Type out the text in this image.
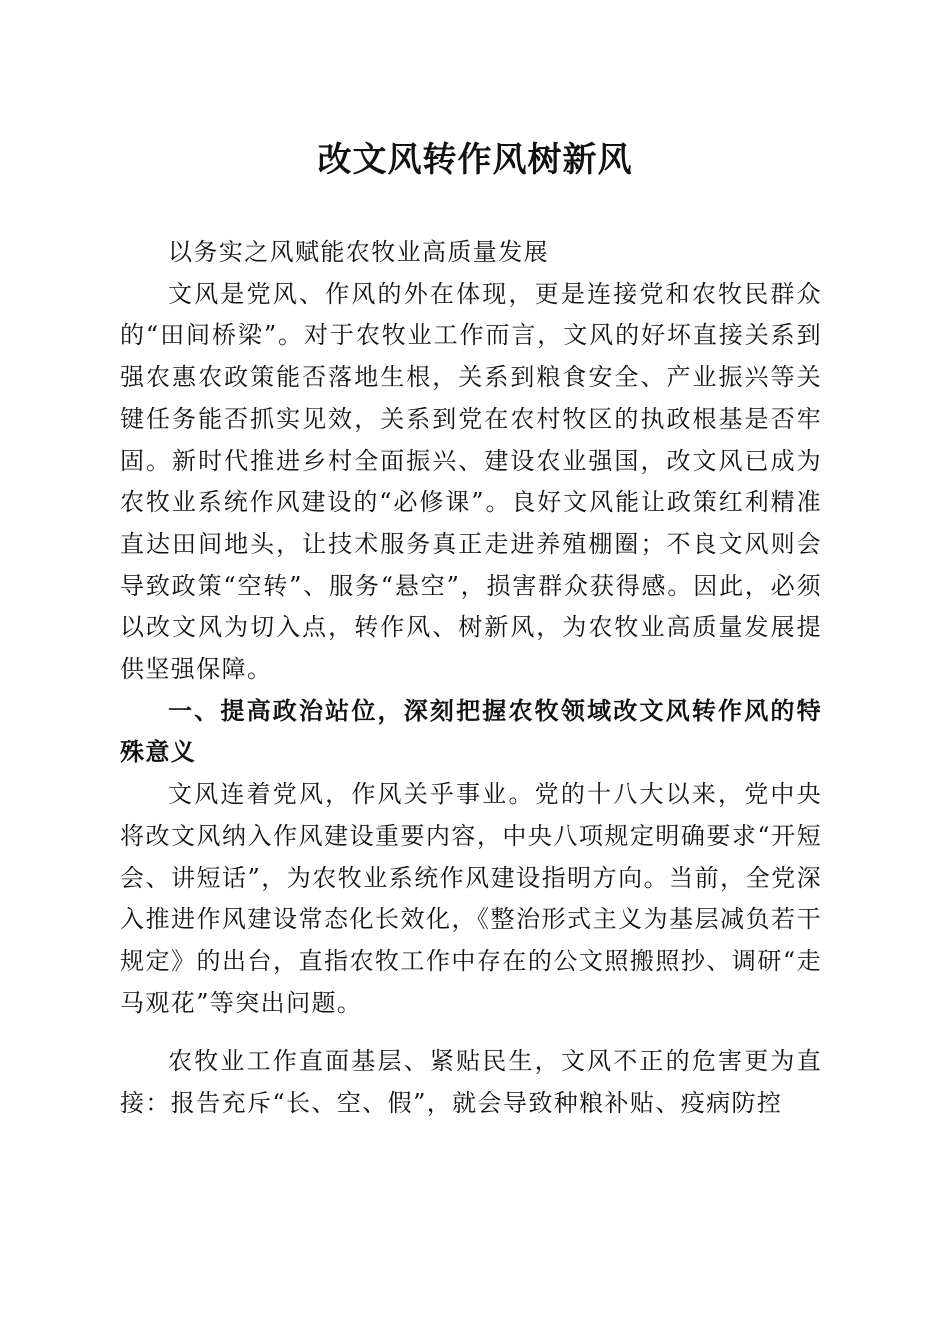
改文风转作风树新风

以务实之风赋能农牧业高质量发展

文风是党风、作风的外在体现，更是连接党和农牧民群众的“田间桥梁”。对于农牧业工作而言，文风的好坏直接关系到强农惠农政策能否落地生根，关系到粮食安全、产业振兴等关键任务能否抓实见效，关系到党在农村牧区的执政根基是否牢固。新时代推进乡村全面振兴、建设农业强国，改文风已成为农牧业系统作风建设的“必修课”。良好文风能让政策红利精准直达田间地头，让技术服务真正走进养殖棚圈；不良文风则会导致政策“空转”、服务“悬空”，损害群众获得感。因此，必须以改文风为切入点，转作风、树新风，为农牧业高质量发展提供坚强保障。

一、提高政治站位，深刻把握农牧领域改文风转作风的特殊意义

文风连着党风，作风关乎事业。党的十八大以来，党中央将改文风纳入作风建设重要内容，中央八项规定明确要求“开短会、讲短话”，为农牧业系统作风建设指明方向。当前，全党深入推进作风建设常态化长效化，《整治形式主义为基层减负若干规定》的出台，直指农牧工作中存在的公文照搬照抄、调研“走马观花”等突出问题。

农牧业工作直面基层、紧贴民生，文风不正的危害更为直接：报告充斥“长、空、假”，就会导致种粮补贴、疫病防控
